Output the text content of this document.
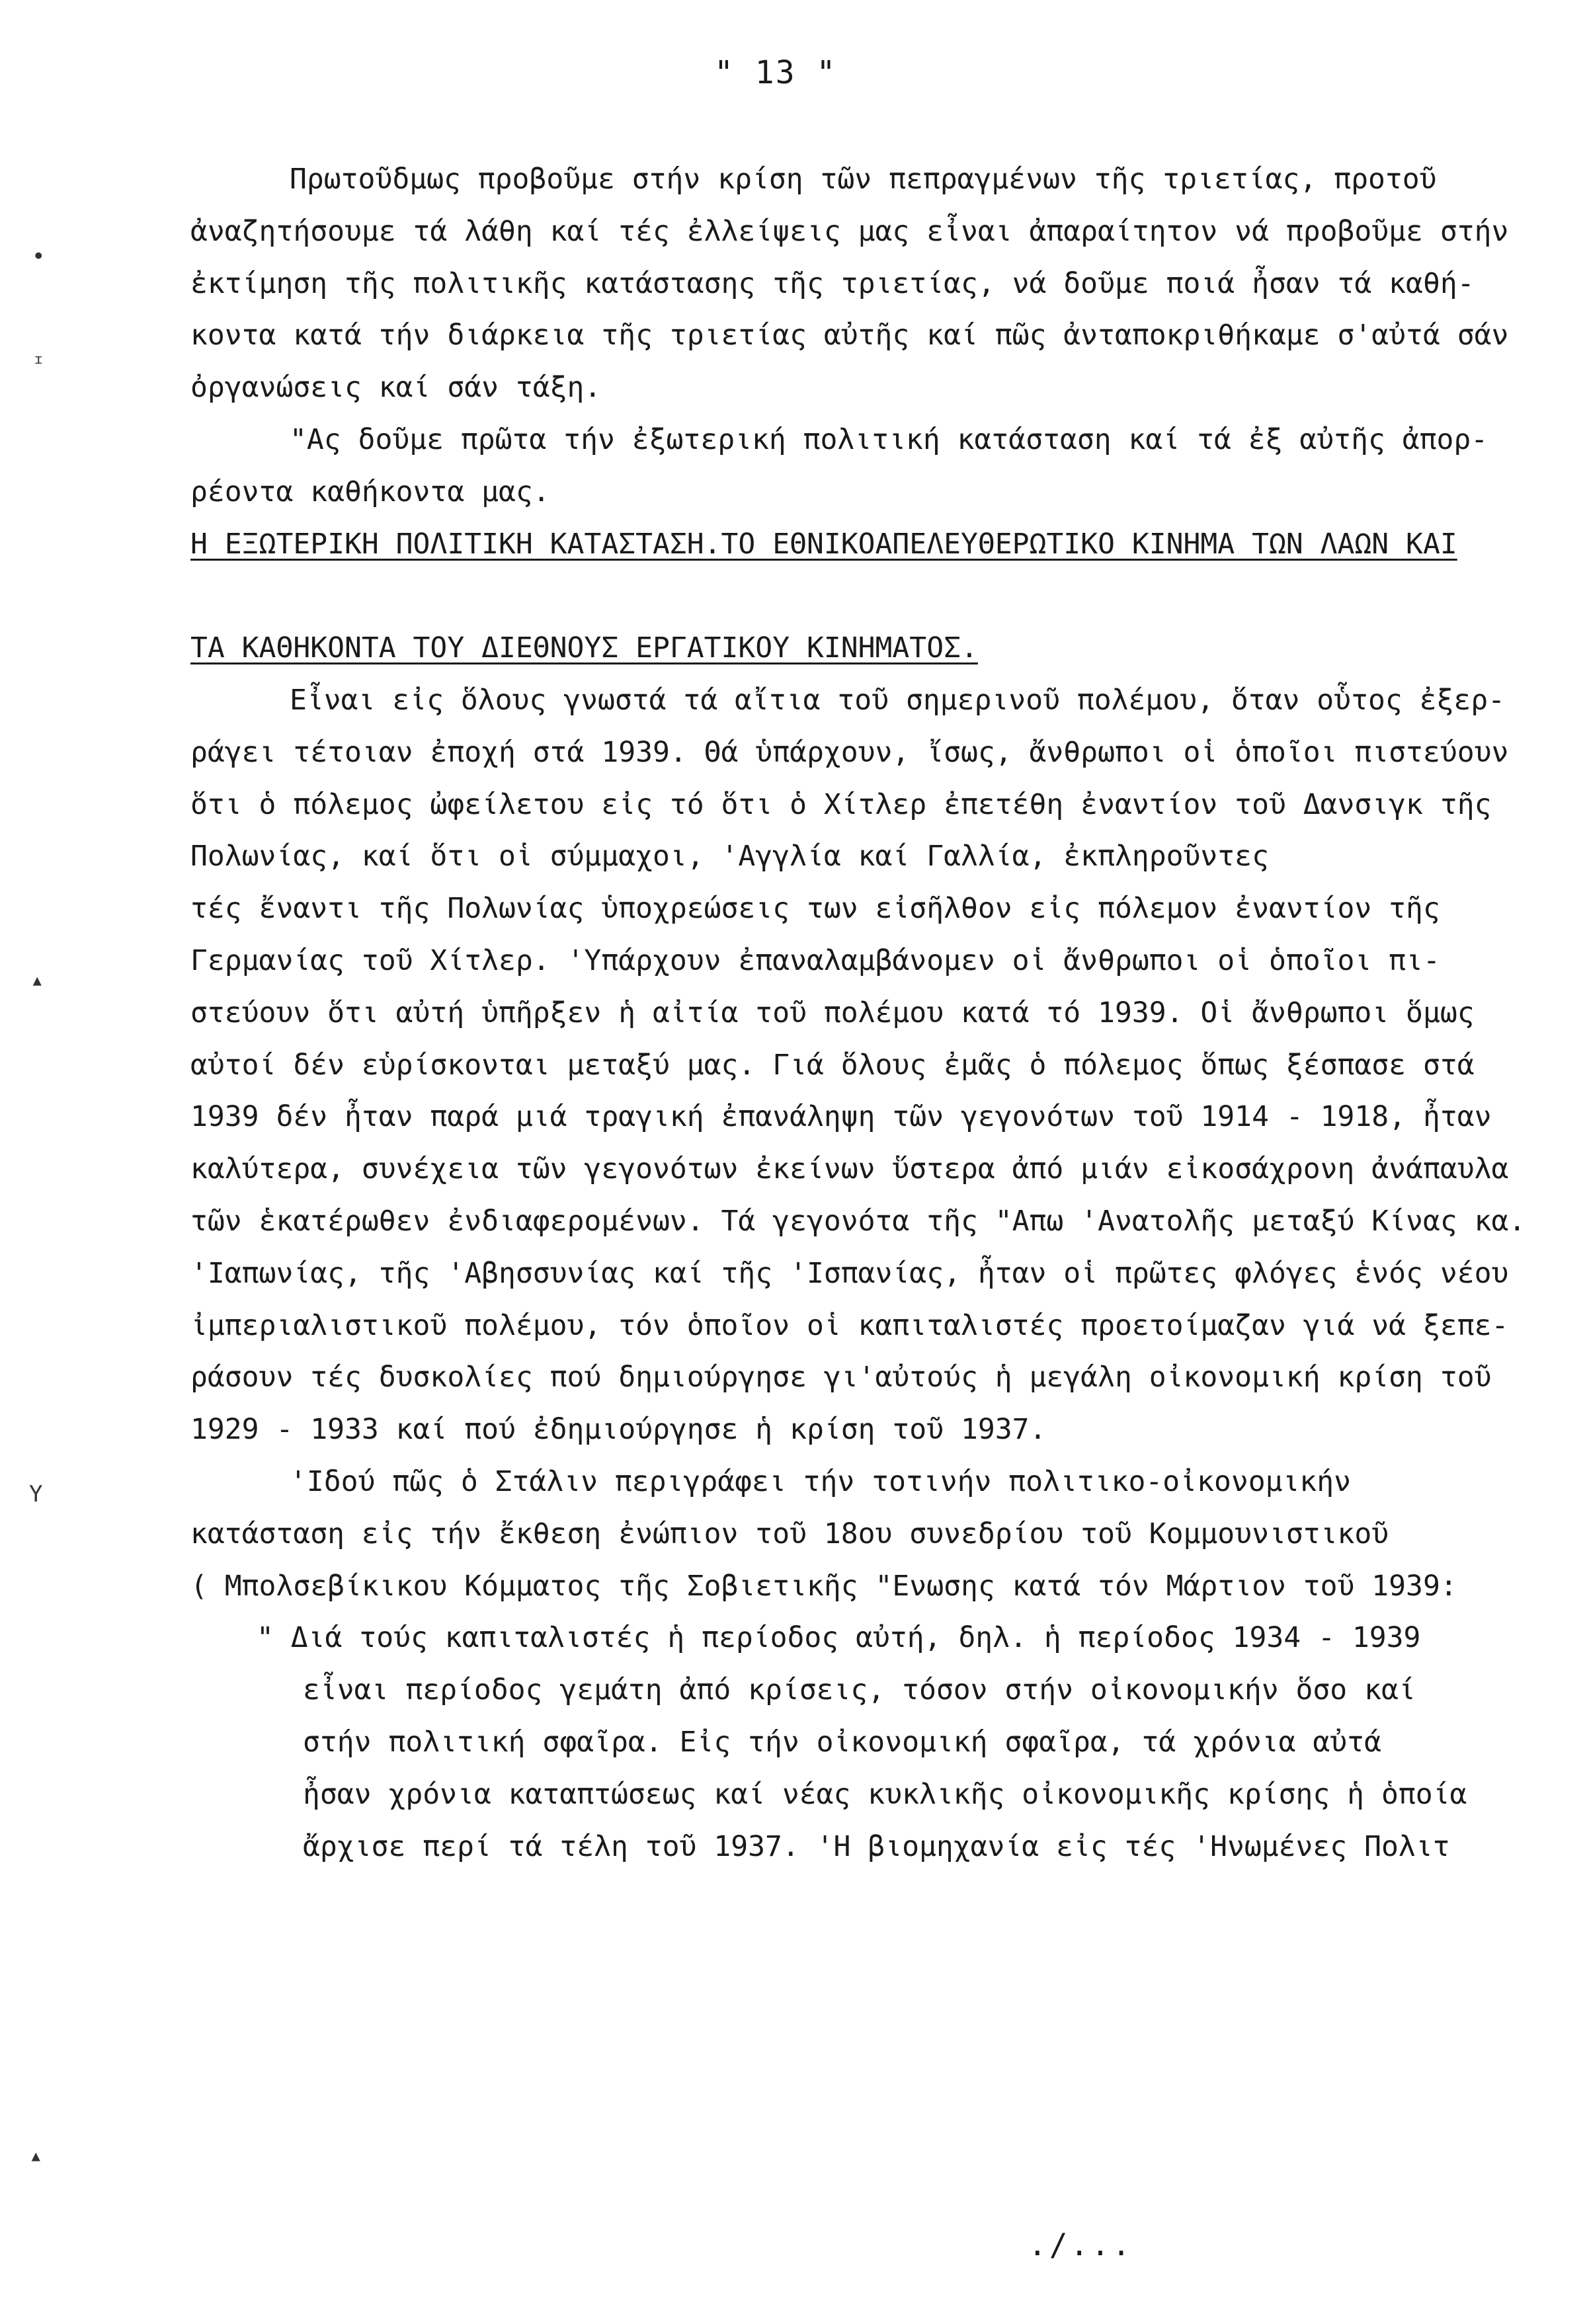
" 13 "
•
ᶦ
▴
Y
▴
Πρωτοῦδμως προβοῦμε στήν κρίση τῶν πεπραγμένων τῆς τριετίας, προτοῦ
ἀναζητήσουμε τά λάθη καί τές ἐλλείψεις μας εἶναι ἀπαραίτητον νά προβοῦμε στήν
ἐκτίμηση τῆς πολιτικῆς κατάστασης τῆς τριετίας, νά δοῦμε ποιά ἦσαν τά καθή-
κοντα κατά τήν διάρκεια τῆς τριετίας αὐτῆς καί πῶς ἀνταποκριθήκαμε σ'αὐτά σάν
ὀργανώσεις καί σάν τάξη.
"Ας δοῦμε πρῶτα τήν ἐξωτερική πολιτική κατάσταση καί τά ἐξ αὐτῆς ἀπορ-
ρέοντα καθήκοντα μας.
Η ΕΞΩΤΕΡΙΚΗ ΠΟΛΙΤΙΚΗ ΚΑΤΑΣΤΑΣΗ.ΤΟ ΕΘΝΙΚΟΑΠΕΛΕΥΘΕΡΩΤΙΚΟ ΚΙΝΗΜΑ ΤΩΝ ΛΑΩΝ ΚΑΙ
ΤΑ ΚΑΘΗΚΟΝΤΑ ΤΟΥ ΔΙΕΘΝΟΥΣ ΕΡΓΑΤΙΚΟΥ ΚΙΝΗΜΑΤΟΣ.
Εἶναι εἰς ὅλους γνωστά τά αἴτια τοῦ σημερινοῦ πολέμου, ὅταν οὗτος ἐξερ-
ράγει τέτοιαν ἐποχή στά 1939. Θά ὑπάρχουν, ἴσως, ἄνθρωποι οἱ ὁποῖοι πιστεύουν
ὅτι ὁ πόλεμος ὠφείλετου εἰς τό ὅτι ὁ Χίτλερ ἐπετέθη ἐναντίον τοῦ Δανσιγκ τῆς
Πολωνίας, καί ὅτι οἱ σύμμαχοι, 'Αγγλία καί Γαλλία, ἐκπληροῦντες
τές ἔναντι τῆς Πολωνίας ὑποχρεώσεις των εἰσῆλθον εἰς πόλεμον ἐναντίον τῆς
Γερμανίας τοῦ Χίτλερ. 'Υπάρχουν ἐπαναλαμβάνομεν οἱ ἄνθρωποι οἱ ὁποῖοι πι-
στεύουν ὅτι αὐτή ὑπῆρξεν ἡ αἰτία τοῦ πολέμου κατά τό 1939. Οἱ ἄνθρωποι ὅμως
αὐτοί δέν εὑρίσκονται μεταξύ μας. Γιά ὅλους ἐμᾶς ὁ πόλεμος ὅπως ξέσπασε στά
1939 δέν ἦταν παρά μιά τραγική ἐπανάληψη τῶν γεγονότων τοῦ 1914 - 1918, ἦταν
καλύτερα, συνέχεια τῶν γεγονότων ἐκείνων ὕστερα ἀπό μιάν εἰκοσάχρονη ἀνάπαυλα
τῶν ἑκατέρωθεν ἐνδιαφερομένων. Τά γεγονότα τῆς "Απω 'Ανατολῆς μεταξύ Κίνας κα.
'Ιαπωνίας, τῆς 'Αβησσυνίας καί τῆς 'Ισπανίας, ἦταν οἱ πρῶτες φλόγες ἑνός νέου
ἰμπεριαλιστικοῦ πολέμου, τόν ὁποῖον οἱ καπιταλιστές προετοίμαζαν γιά νά ξεπε-
ράσουν τές δυσκολίες πού δημιούργησε γι'αὐτούς ἡ μεγάλη οἰκονομική κρίση τοῦ
1929 - 1933 καί πού ἐδημιούργησε ἡ κρίση τοῦ 1937.
'Ιδού πῶς ὁ Στάλιν περιγράφει τήν τοτινήν πολιτικο-οἰκονομικήν
κατάσταση εἰς τήν ἔκθεση ἐνώπιον τοῦ 18ου συνεδρίου τοῦ Κομμουνιστικοῦ
( Μπολσεβίκικου Κόμματος τῆς Σοβιετικῆς "Ενωσης κατά τόν Μάρτιον τοῦ 1939:
" Διά τούς καπιταλιστές ἡ περίοδος αὐτή, δηλ. ἡ περίοδος 1934 - 1939
εἶναι περίοδος γεμάτη ἀπό κρίσεις, τόσον στήν οἰκονομικήν ὅσο καί
στήν πολιτική σφαῖρα. Εἰς τήν οἰκονομική σφαῖρα, τά χρόνια αὐτά
ἦσαν χρόνια καταπτώσεως καί νέας κυκλικῆς οἰκονομικῆς κρίσης ἡ ὁποία
ἄρχισε περί τά τέλη τοῦ 1937. 'Η βιομηχανία εἰς τές 'Ηνωμένες Πολιτ
./...
